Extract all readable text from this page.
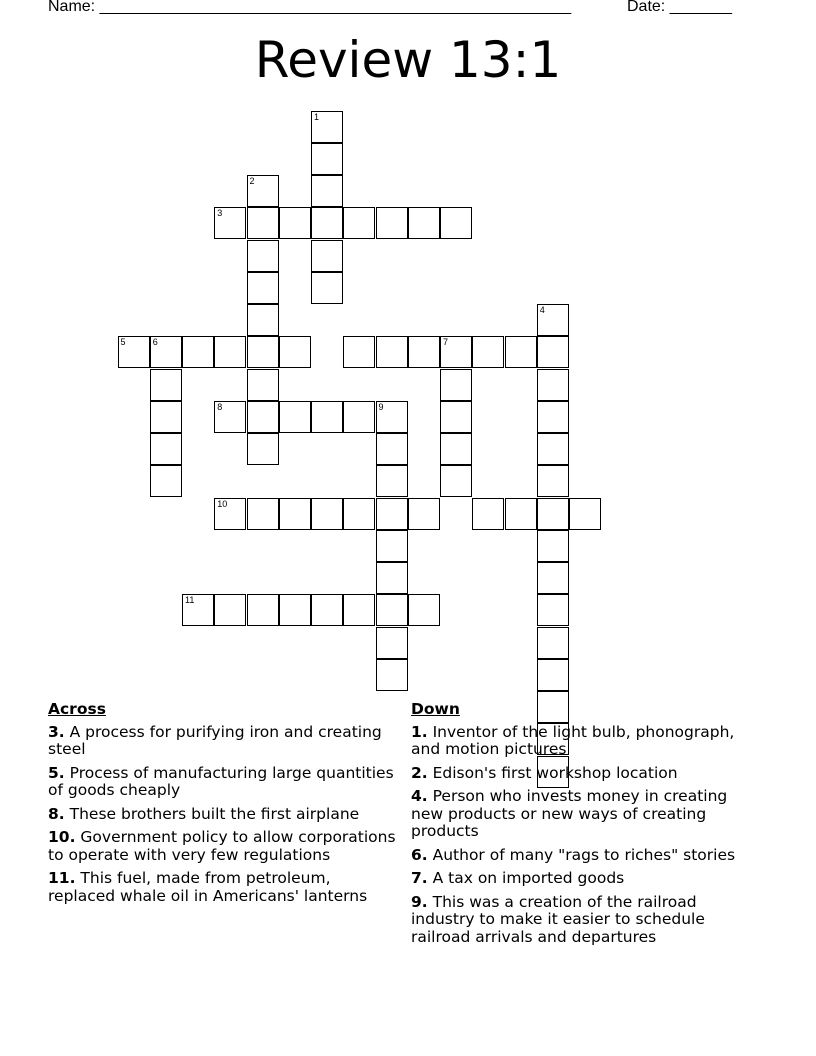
Name: _____________________________________________________	Date: _______
Review 13:1
1
2
3
4
5	6	7
8	9
10
11
Across
3. A process for purifying iron and creating steel
5. Process of manufacturing large quantities of goods cheaply
8. These brothers built the first airplane
10. Government policy to allow corporations to operate with very few regulations
11. This fuel, made from petroleum, replaced whale oil in Americans' lanterns
Down
1. Inventor of the light bulb, phonograph, and motion pictures
2. Edison's first workshop location
4. Person who invests money in creating new products or new ways of creating products
6. Author of many "rags to riches" stories
7. A tax on imported goods
9. This was a creation of the railroad industry to make it easier to schedule railroad arrivals and departures
